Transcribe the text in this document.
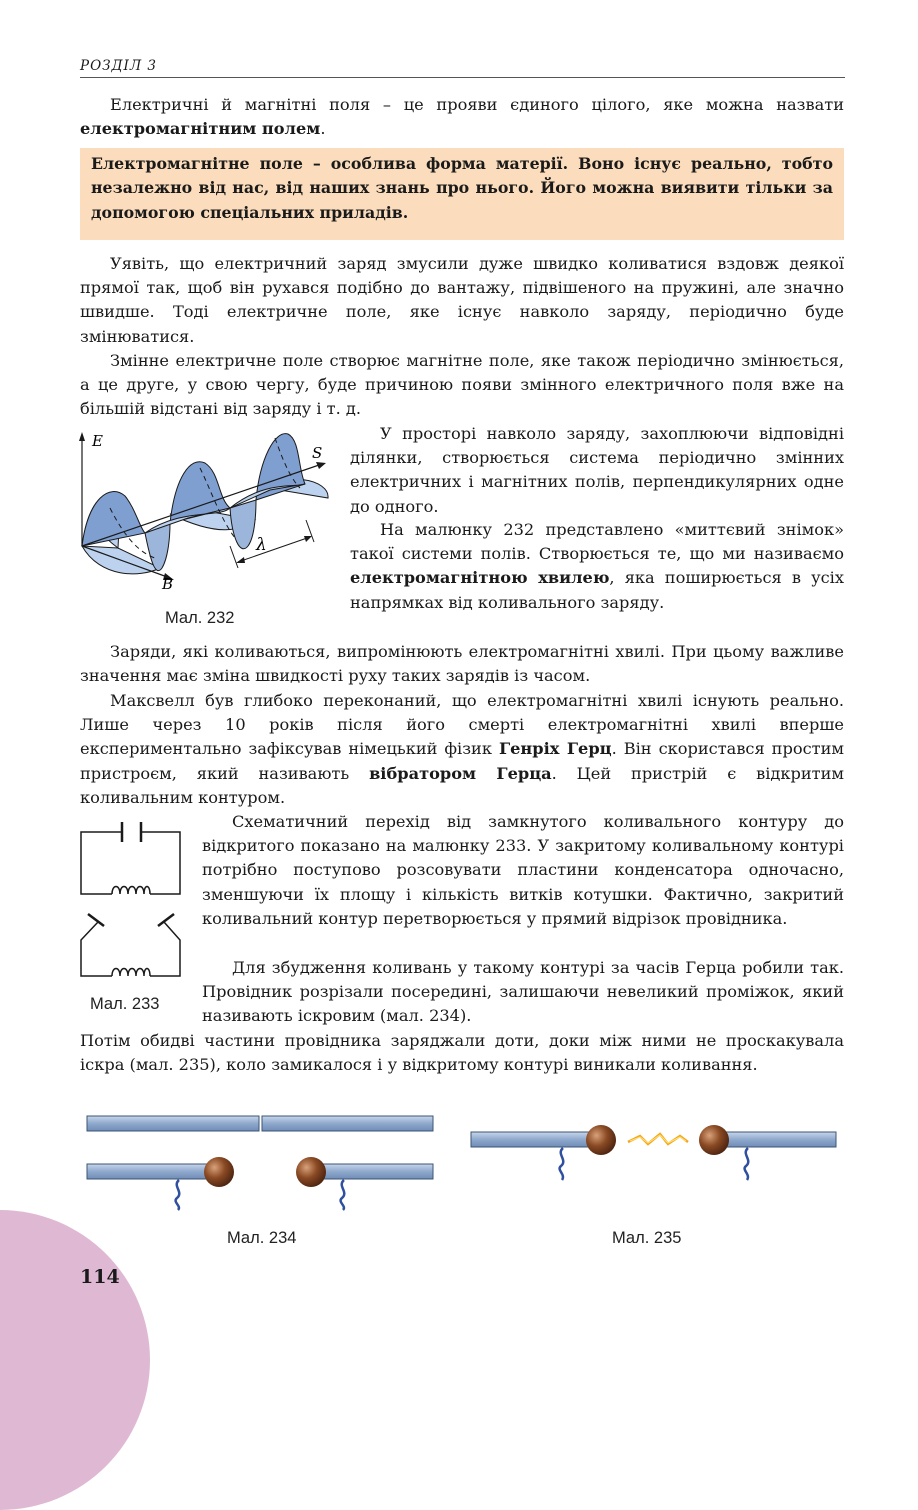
РОЗДІЛ 3

Електричні й магнітні поля – це прояви єдиного цілого, яке можна назвати електромагнітним полем.

Електромагнітне поле – особлива форма матерії. Воно існує реально, тобто незалежно від нас, від наших знань про нього. Його можна виявити тільки за допомогою спеціальних приладів.

Уявіть, що електричний заряд змусили дуже швидко коливатися вздовж деякої прямої так, щоб він рухався подібно до вантажу, підвішеного на пружині, але значно швидше. Тоді електричне поле, яке існує навколо заряду, періодично буде змінюватися.

Змінне електричне поле створює магнітне поле, яке також періодично змінюється, а це друге, у свою чергу, буде причиною появи змінного електричного поля вже на більшій відстані від заряду і т. д.

E
S
B
λ
Мал. 232

У просторі навколо заряду, захоплюючи відповідні ділянки, створюється система періодично змінних електричних і магнітних полів, перпендикулярних одне до одного.

На малюнку 232 представлено «миттєвий знімок» такої системи полів. Створюється те, що ми називаємо електромагнітною хвилею, яка поширюється в усіх напрямках від коливального заряду.

Заряди, які коливаються, випромінюють електромагнітні хвилі. При цьому важливе значення має зміна швидкості руху таких зарядів із часом.

Максвелл був глибоко переконаний, що електромагнітні хвилі існують реально. Лише через 10 років після його смерті електромагнітні хвилі вперше експериментально зафіксував німецький фізик Генріх Герц. Він скористався простим пристроєм, який називають вібратором Герца. Цей пристрій є відкритим коливальним контуром.

Мал. 233

Схематичний перехід від замкнутого коливального контуру до відкритого показано на малюнку 233. У закритому коливальному контурі потрібно поступово розсовувати пластини конденсатора одночасно, зменшуючи їх площу і кількість витків котушки. Фактично, закритий коливальний контур перетворюється у прямий відрізок провідника.

Для збудження коливань у такому контурі за часів Герца робили так. Провідник розрізали посередині, залишаючи невеликий проміжок, який називають іскровим (мал. 234).

Потім обидві частини провідника заряджали доти, доки між ними не проскакувала іскра (мал. 235), коло замикалося і у відкритому контурі виникали коливання.

Мал. 234	Мал. 235
114
